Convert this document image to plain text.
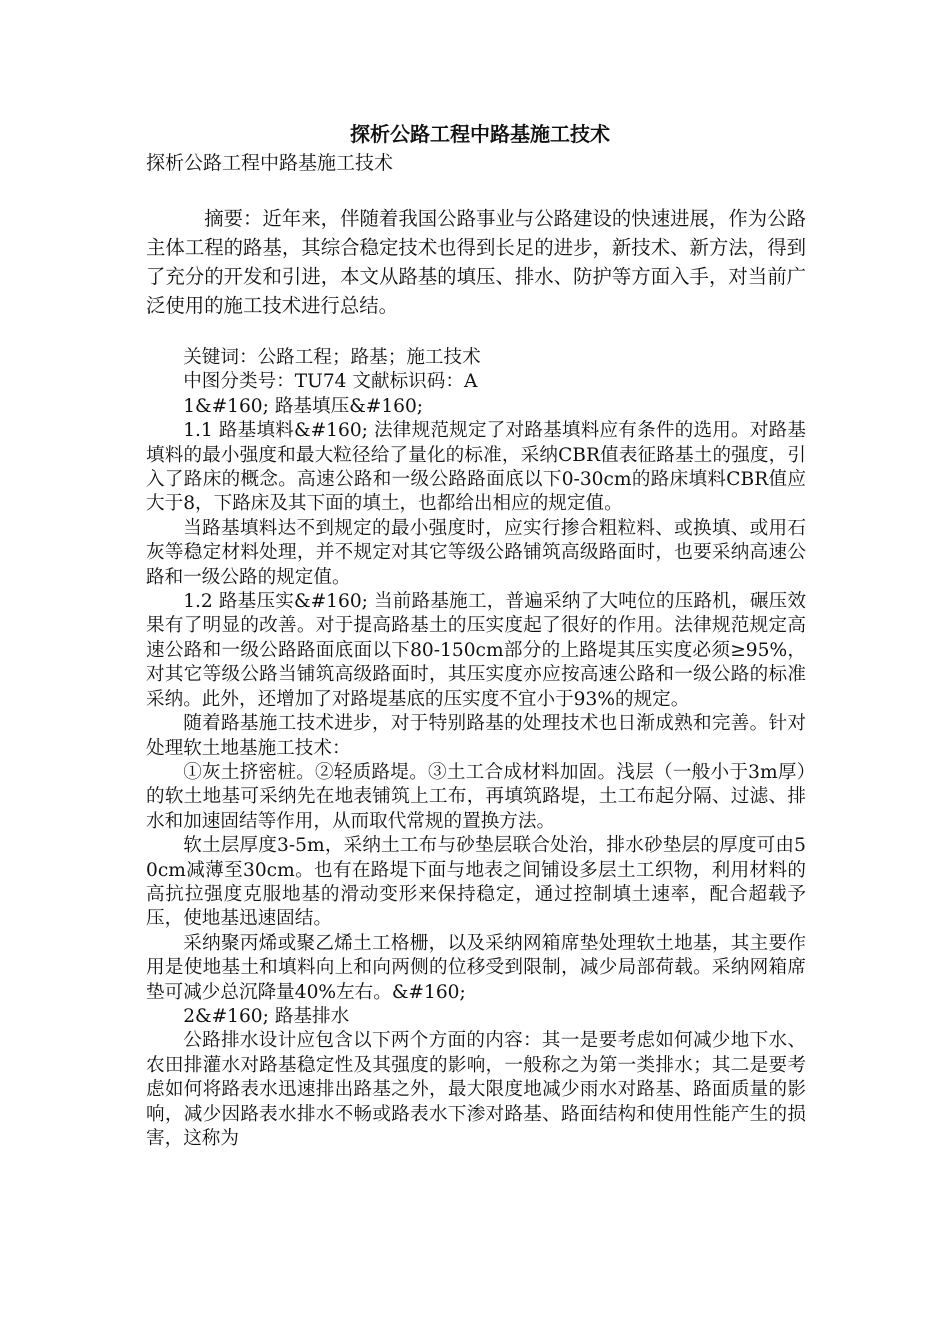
探析公路工程中路基施工技术
探析公路工程中路基施工技术

摘要：近年来，伴随着我国公路事业与公路建设的快速进展，作为公路主体工程的路基，其综合稳定技术也得到长足的进步，新技术、新方法，得到了充分的开发和引进，本文从路基的填压、排水、防护等方面入手，对当前广泛使用的施工技术进行总结。

关键词：公路工程；路基；施工技术

中图分类号：TU74 文献标识码：A

1&#160; 路基填压&#160;

1.1 路基填料&#160; 法律规范规定了对路基填料应有条件的选用。对路基填料的最小强度和最大粒径给了量化的标准，采纳CBR值表征路基土的强度，引入了路床的概念。高速公路和一级公路路面底以下0-30cm的路床填料CBR值应大于8，下路床及其下面的填土，也都给出相应的规定值。

当路基填料达不到规定的最小强度时，应实行掺合粗粒料、或换填、或用石灰等稳定材料处理，并不规定对其它等级公路铺筑高级路面时，也要采纳高速公路和一级公路的规定值。

1.2 路基压实&#160; 当前路基施工，普遍采纳了大吨位的压路机，碾压效果有了明显的改善。对于提高路基土的压实度起了很好的作用。法律规范规定高速公路和一级公路路面底面以下80-150cm部分的上路堤其压实度必须≥95%，对其它等级公路当铺筑高级路面时，其压实度亦应按高速公路和一级公路的标准采纳。此外，还增加了对路堤基底的压实度不宜小于93%的规定。

随着路基施工技术进步，对于特别路基的处理技术也日渐成熟和完善。针对处理软土地基施工技术：

①灰土挤密桩。②轻质路堤。③土工合成材料加固。浅层（一般小于3m厚）的软土地基可采纳先在地表铺筑上工布，再填筑路堤，土工布起分隔、过滤、排水和加速固结等作用，从而取代常规的置换方法。

软土层厚度3-5m，采纳土工布与砂垫层联合处治，排水砂垫层的厚度可由50cm减薄至30cm。也有在路堤下面与地表之间铺设多层土工织物，利用材料的高抗拉强度克服地基的滑动变形来保持稳定，通过控制填土速率，配合超载予压，使地基迅速固结。

采纳聚丙烯或聚乙烯土工格栅，以及采纳网箱席垫处理软土地基，其主要作用是使地基土和填料向上和向两侧的位移受到限制，减少局部荷载。采纳网箱席垫可减少总沉降量40%左右。&#160;

2&#160; 路基排水

公路排水设计应包含以下两个方面的内容：其一是要考虑如何减少地下水、农田排灌水对路基稳定性及其强度的影响，一般称之为第一类排水；其二是要考虑如何将路表水迅速排出路基之外，最大限度地减少雨水对路基、路面质量的影响，减少因路表水排水不畅或路表水下渗对路基、路面结构和使用性能产生的损害，这称为
